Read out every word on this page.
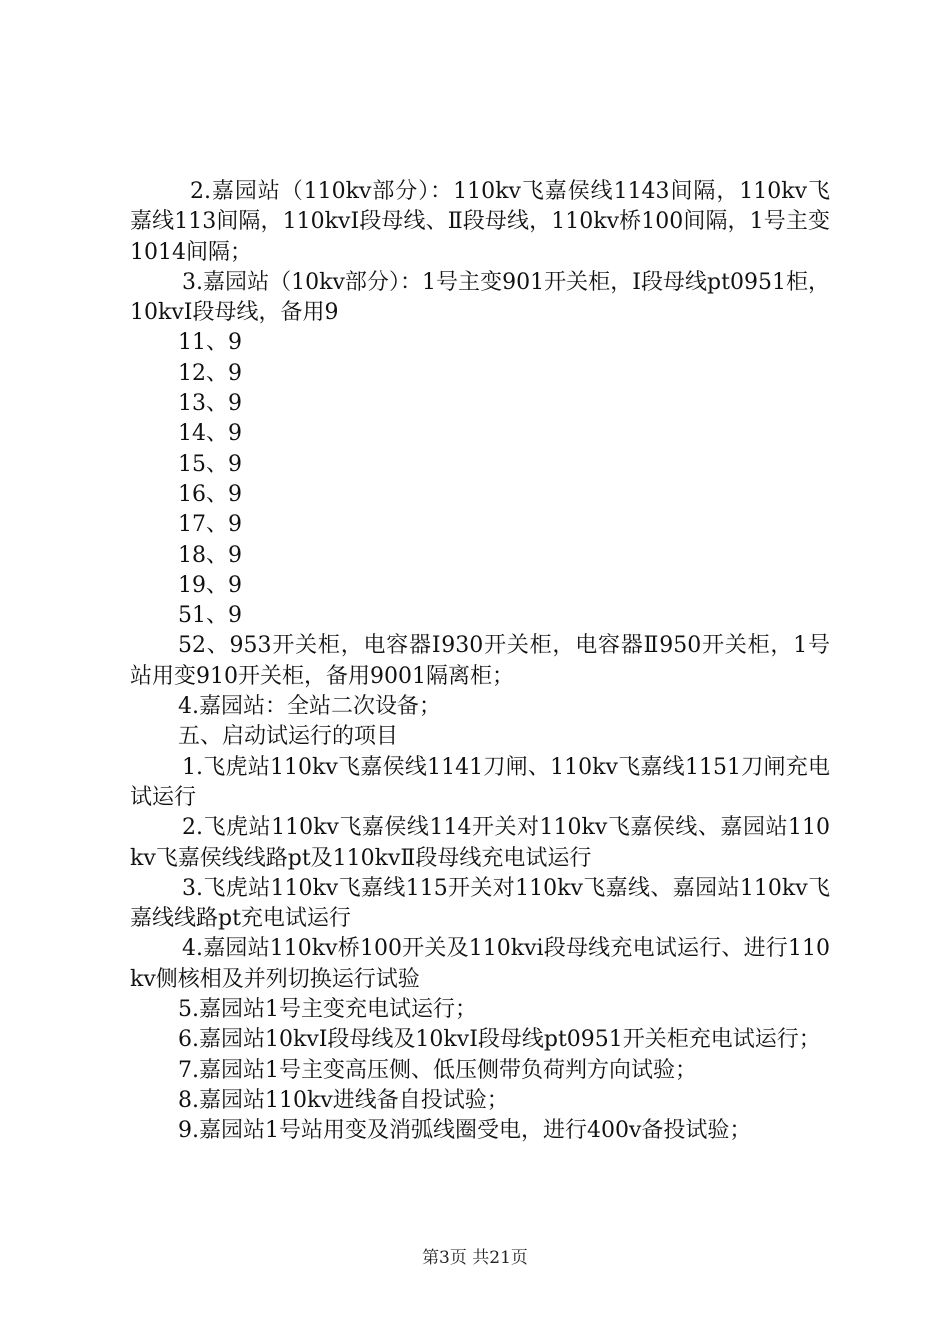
2.嘉园站（110kv部分）：110kv飞嘉侯线1143间隔，110kv飞嘉线113间隔，110kvⅠ段母线、Ⅱ段母线，110kv桥100间隔，1号主变1014间隔；

3.嘉园站（10kv部分）：1号主变901开关柜，Ⅰ段母线pt0951柜，10kvⅠ段母线，备用9

11、9

12、9

13、9

14、9

15、9

16、9

17、9

18、9

19、9

51、9

52、953开关柜，电容器Ⅰ930开关柜，电容器Ⅱ950开关柜，1号站用变910开关柜，备用9001隔离柜；

4.嘉园站：全站二次设备；

五、启动试运行的项目

1.飞虎站110kv飞嘉侯线1141刀闸、110kv飞嘉线1151刀闸充电试运行

2.飞虎站110kv飞嘉侯线114开关对110kv飞嘉侯线、嘉园站110kv飞嘉侯线线路pt及110kvⅡ段母线充电试运行

3.飞虎站110kv飞嘉线115开关对110kv飞嘉线、嘉园站110kv飞嘉线线路pt充电试运行

4.嘉园站110kv桥100开关及110kvi段母线充电试运行、进行110kv侧核相及并列切换运行试验

5.嘉园站1号主变充电试运行；

6.嘉园站10kvⅠ段母线及10kvⅠ段母线pt0951开关柜充电试运行；

7.嘉园站1号主变高压侧、低压侧带负荷判方向试验；

8.嘉园站110kv进线备自投试验；

9.嘉园站1号站用变及消弧线圈受电，进行400v备投试验；

第3页 共21页
